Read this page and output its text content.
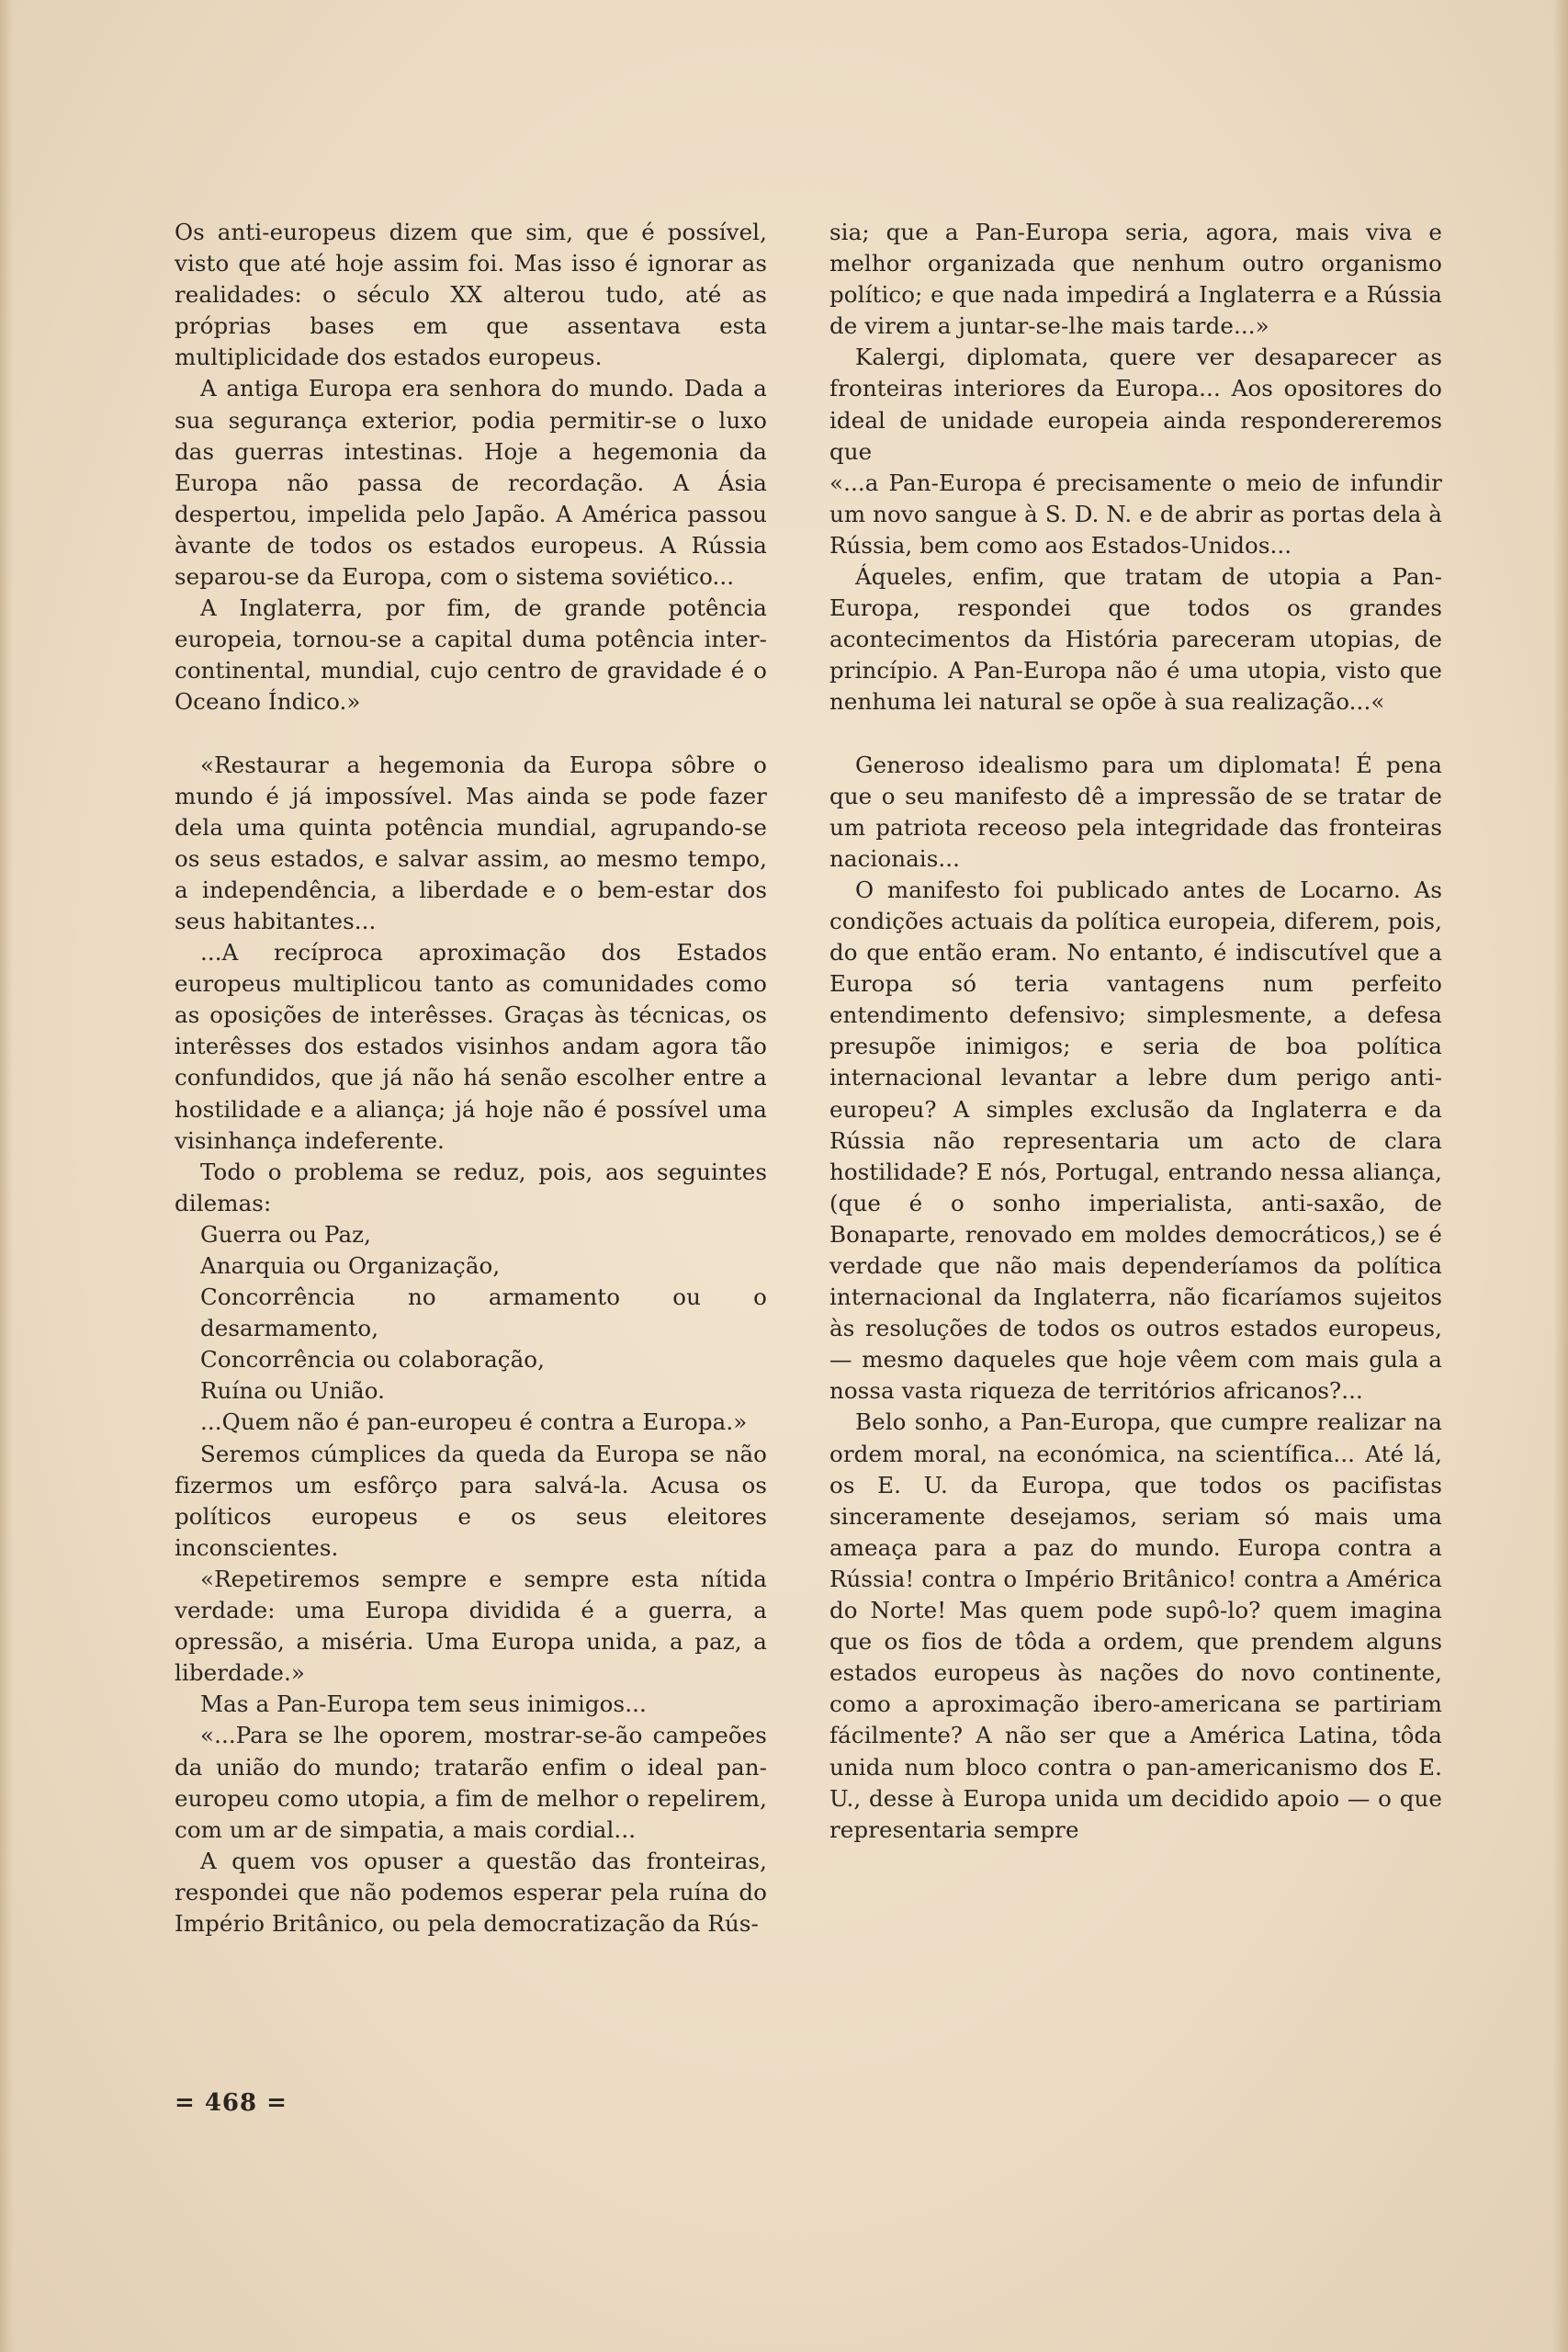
Os anti-europeus dizem que sim, que é possível, visto que até hoje assim foi. Mas isso é ignorar as realidades: o século XX alterou tudo, até as próprias bases em que assentava esta multiplicidade dos estados europeus.

A antiga Europa era senhora do mundo. Dada a sua segurança exterior, podia permitir-se o luxo das guerras intestinas. Hoje a hegemonia da Europa não passa de recordação. A Ásia despertou, impelida pelo Japão. A América passou àvante de todos os estados europeus. A Rússia separou-se da Europa, com o sistema soviético...

A Inglaterra, por fim, de grande potência europeia, tornou-se a capital duma potência inter-continental, mundial, cujo centro de gravidade é o Oceano Índico.»

«Restaurar a hegemonia da Europa sôbre o mundo é já impossível. Mas ainda se pode fazer dela uma quinta potência mundial, agrupando-se os seus estados, e salvar assim, ao mesmo tempo, a independência, a liberdade e o bem-estar dos seus habitantes...

...A recíproca aproximação dos Estados europeus multiplicou tanto as comunidades como as oposições de interêsses. Graças às técnicas, os interêsses dos estados visinhos andam agora tão confundidos, que já não há senão escolher entre a hostilidade e a aliança; já hoje não é possível uma visinhança indeferente.

Todo o problema se reduz, pois, aos seguintes dilemas:

Guerra ou Paz,

Anarquia ou Organização,

Concorrência no armamento ou o desarmamento,

Concorrência ou colaboração,

Ruína ou União.

...Quem não é pan-europeu é contra a Europa.»

Seremos cúmplices da queda da Europa se não fizermos um esfôrço para salvá-la. Acusa os políticos europeus e os seus eleitores inconscientes.

«Repetiremos sempre e sempre esta nítida verdade: uma Europa dividida é a guerra, a opressão, a miséria. Uma Europa unida, a paz, a liberdade.»

Mas a Pan-Europa tem seus inimigos...

«...Para se lhe oporem, mostrar-se-ão campeões da união do mundo; tratarão enfim o ideal pan-europeu como utopia, a fim de melhor o repelirem, com um ar de simpatia, a mais cordial...

A quem vos opuser a questão das fronteiras, respondei que não podemos esperar pela ruína do Império Britânico, ou pela democratização da Rús-

sia; que a Pan-Europa seria, agora, mais viva e melhor organizada que nenhum outro organismo político; e que nada impedirá a Inglaterra e a Rússia de virem a juntar-se-lhe mais tarde...»

Kalergi, diplomata, quere ver desaparecer as fronteiras interiores da Europa... Aos opositores do ideal de unidade europeia ainda respondereremos que

«...a Pan-Europa é precisamente o meio de infundir um novo sangue à S. D. N. e de abrir as portas dela à Rússia, bem como aos Estados-Unidos...

Áqueles, enfim, que tratam de utopia a Pan-Europa, respondei que todos os grandes acontecimentos da História pareceram utopias, de princípio. A Pan-Europa não é uma utopia, visto que nenhuma lei natural se opõe à sua realização...«

Generoso idealismo para um diplomata! É pena que o seu manifesto dê a impressão de se tratar de um patriota receoso pela integridade das fronteiras nacionais...

O manifesto foi publicado antes de Locarno. As condições actuais da política europeia, diferem, pois, do que então eram. No entanto, é indiscutível que a Europa só teria vantagens num perfeito entendimento defensivo; simplesmente, a defesa presupõe inimigos; e seria de boa política internacional levantar a lebre dum perigo anti-europeu? A simples exclusão da Inglaterra e da Rússia não representaria um acto de clara hostilidade? E nós, Portugal, entrando nessa aliança, (que é o sonho imperialista, anti-saxão, de Bonaparte, renovado em moldes democráticos,) se é verdade que não mais dependeríamos da política internacional da Inglaterra, não ficaríamos sujeitos às resoluções de todos os outros estados europeus, — mesmo daqueles que hoje vêem com mais gula a nossa vasta riqueza de territórios africanos?...

Belo sonho, a Pan-Europa, que cumpre realizar na ordem moral, na económica, na scientífica... Até lá, os E. U. da Europa, que todos os pacifistas sinceramente desejamos, seriam só mais uma ameaça para a paz do mundo. Europa contra a Rússia! contra o Império Britânico! contra a América do Norte! Mas quem pode supô-lo? quem imagina que os fios de tôda a ordem, que prendem alguns estados europeus às nações do novo continente, como a aproximação ibero-americana se partiriam fácilmente? A não ser que a América Latina, tôda unida num bloco contra o pan-americanismo dos E. U., desse à Europa unida um decidido apoio — o que representaria sempre

= 468 =
